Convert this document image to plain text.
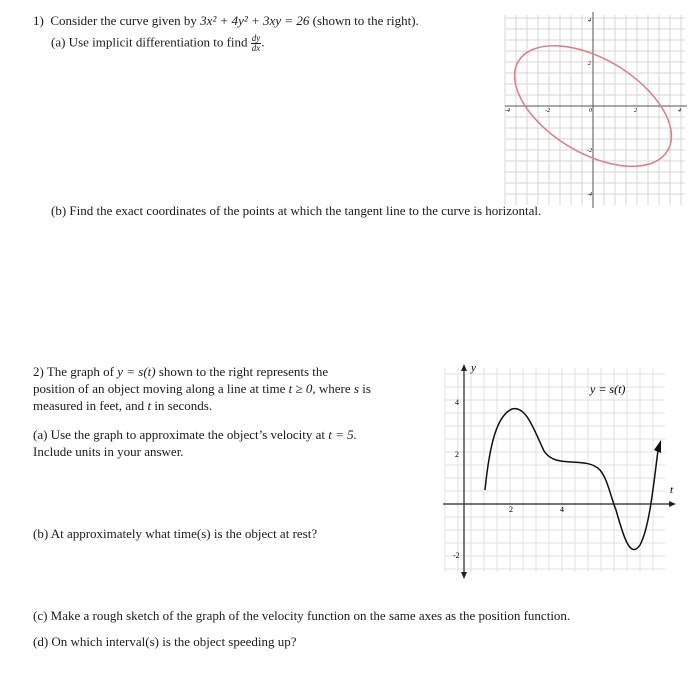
1) Consider the curve given by 3x² + 4y² + 3xy = 26 (shown to the right).
(a) Use implicit differentiation to find $\frac{dy}{dx}$ .
-4	-2	0	2	4
4
2
-2
-4
(b) Find the exact coordinates of the points at which the tangent line to the curve is horizontal.
2) The graph of y = s(t) shown to the right represents the
position of an object moving along a line at time t ≥ 0, where s is
measured in feet, and t in seconds.
(a) Use the graph to approximate the object’s velocity at t = 5.
Include units in your answer.
(b) At approximately what time(s) is the object at rest?
y
t
y = s(t)
2	4
4
2
-2
(c) Make a rough sketch of the graph of the velocity function on the same axes as the position function.
(d) On which interval(s) is the object speeding up?
